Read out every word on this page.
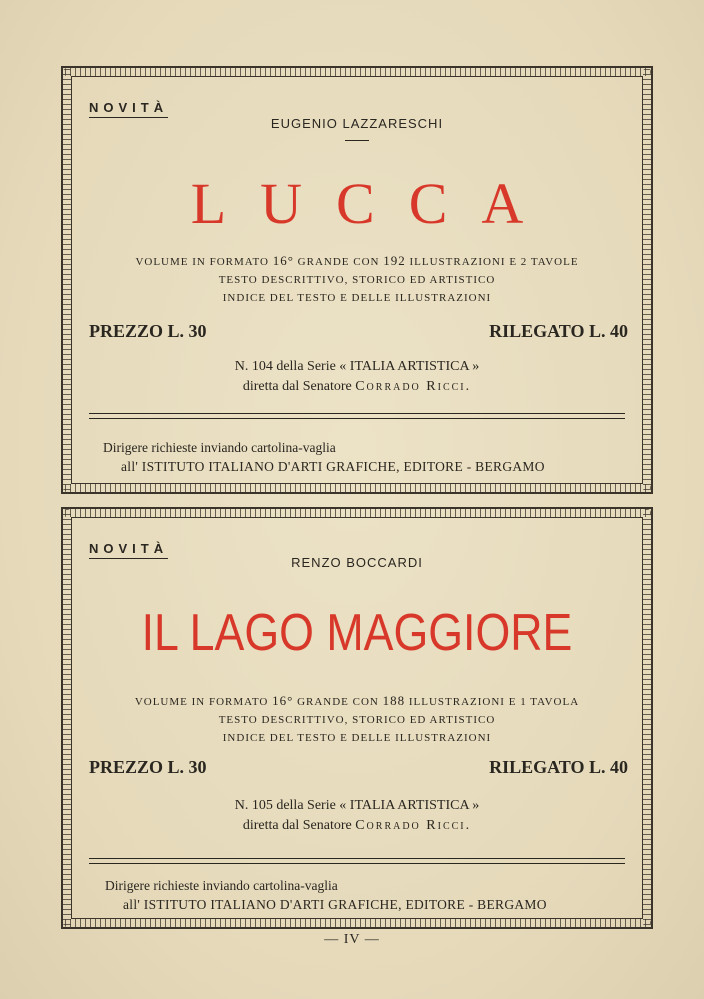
NOVITÀ
EUGENIO LAZZARESCHI
LUCCA
VOLUME IN FORMATO 16° GRANDE CON 192 ILLUSTRAZIONI E 2 TAVOLE
TESTO DESCRITTIVO, STORICO ED ARTISTICO
INDICE DEL TESTO E DELLE ILLUSTRAZIONI
PREZZO L. 30	RILEGATO L. 40
N. 104 della Serie « ITALIA ARTISTICA »
diretta dal Senatore Corrado Ricci.
Dirigere richieste inviando cartolina-vaglia
all' ISTITUTO ITALIANO D'ARTI GRAFICHE, EDITORE - BERGAMO
NOVITÀ
RENZO BOCCARDI
IL LAGO MAGGIORE
VOLUME IN FORMATO 16° GRANDE CON 188 ILLUSTRAZIONI E 1 TAVOLA
TESTO DESCRITTIVO, STORICO ED ARTISTICO
INDICE DEL TESTO E DELLE ILLUSTRAZIONI
PREZZO L. 30	RILEGATO L. 40
N. 105 della Serie « ITALIA ARTISTICA »
diretta dal Senatore Corrado Ricci.
Dirigere richieste inviando cartolina-vaglia
all' ISTITUTO ITALIANO D'ARTI GRAFICHE, EDITORE - BERGAMO
— IV —
